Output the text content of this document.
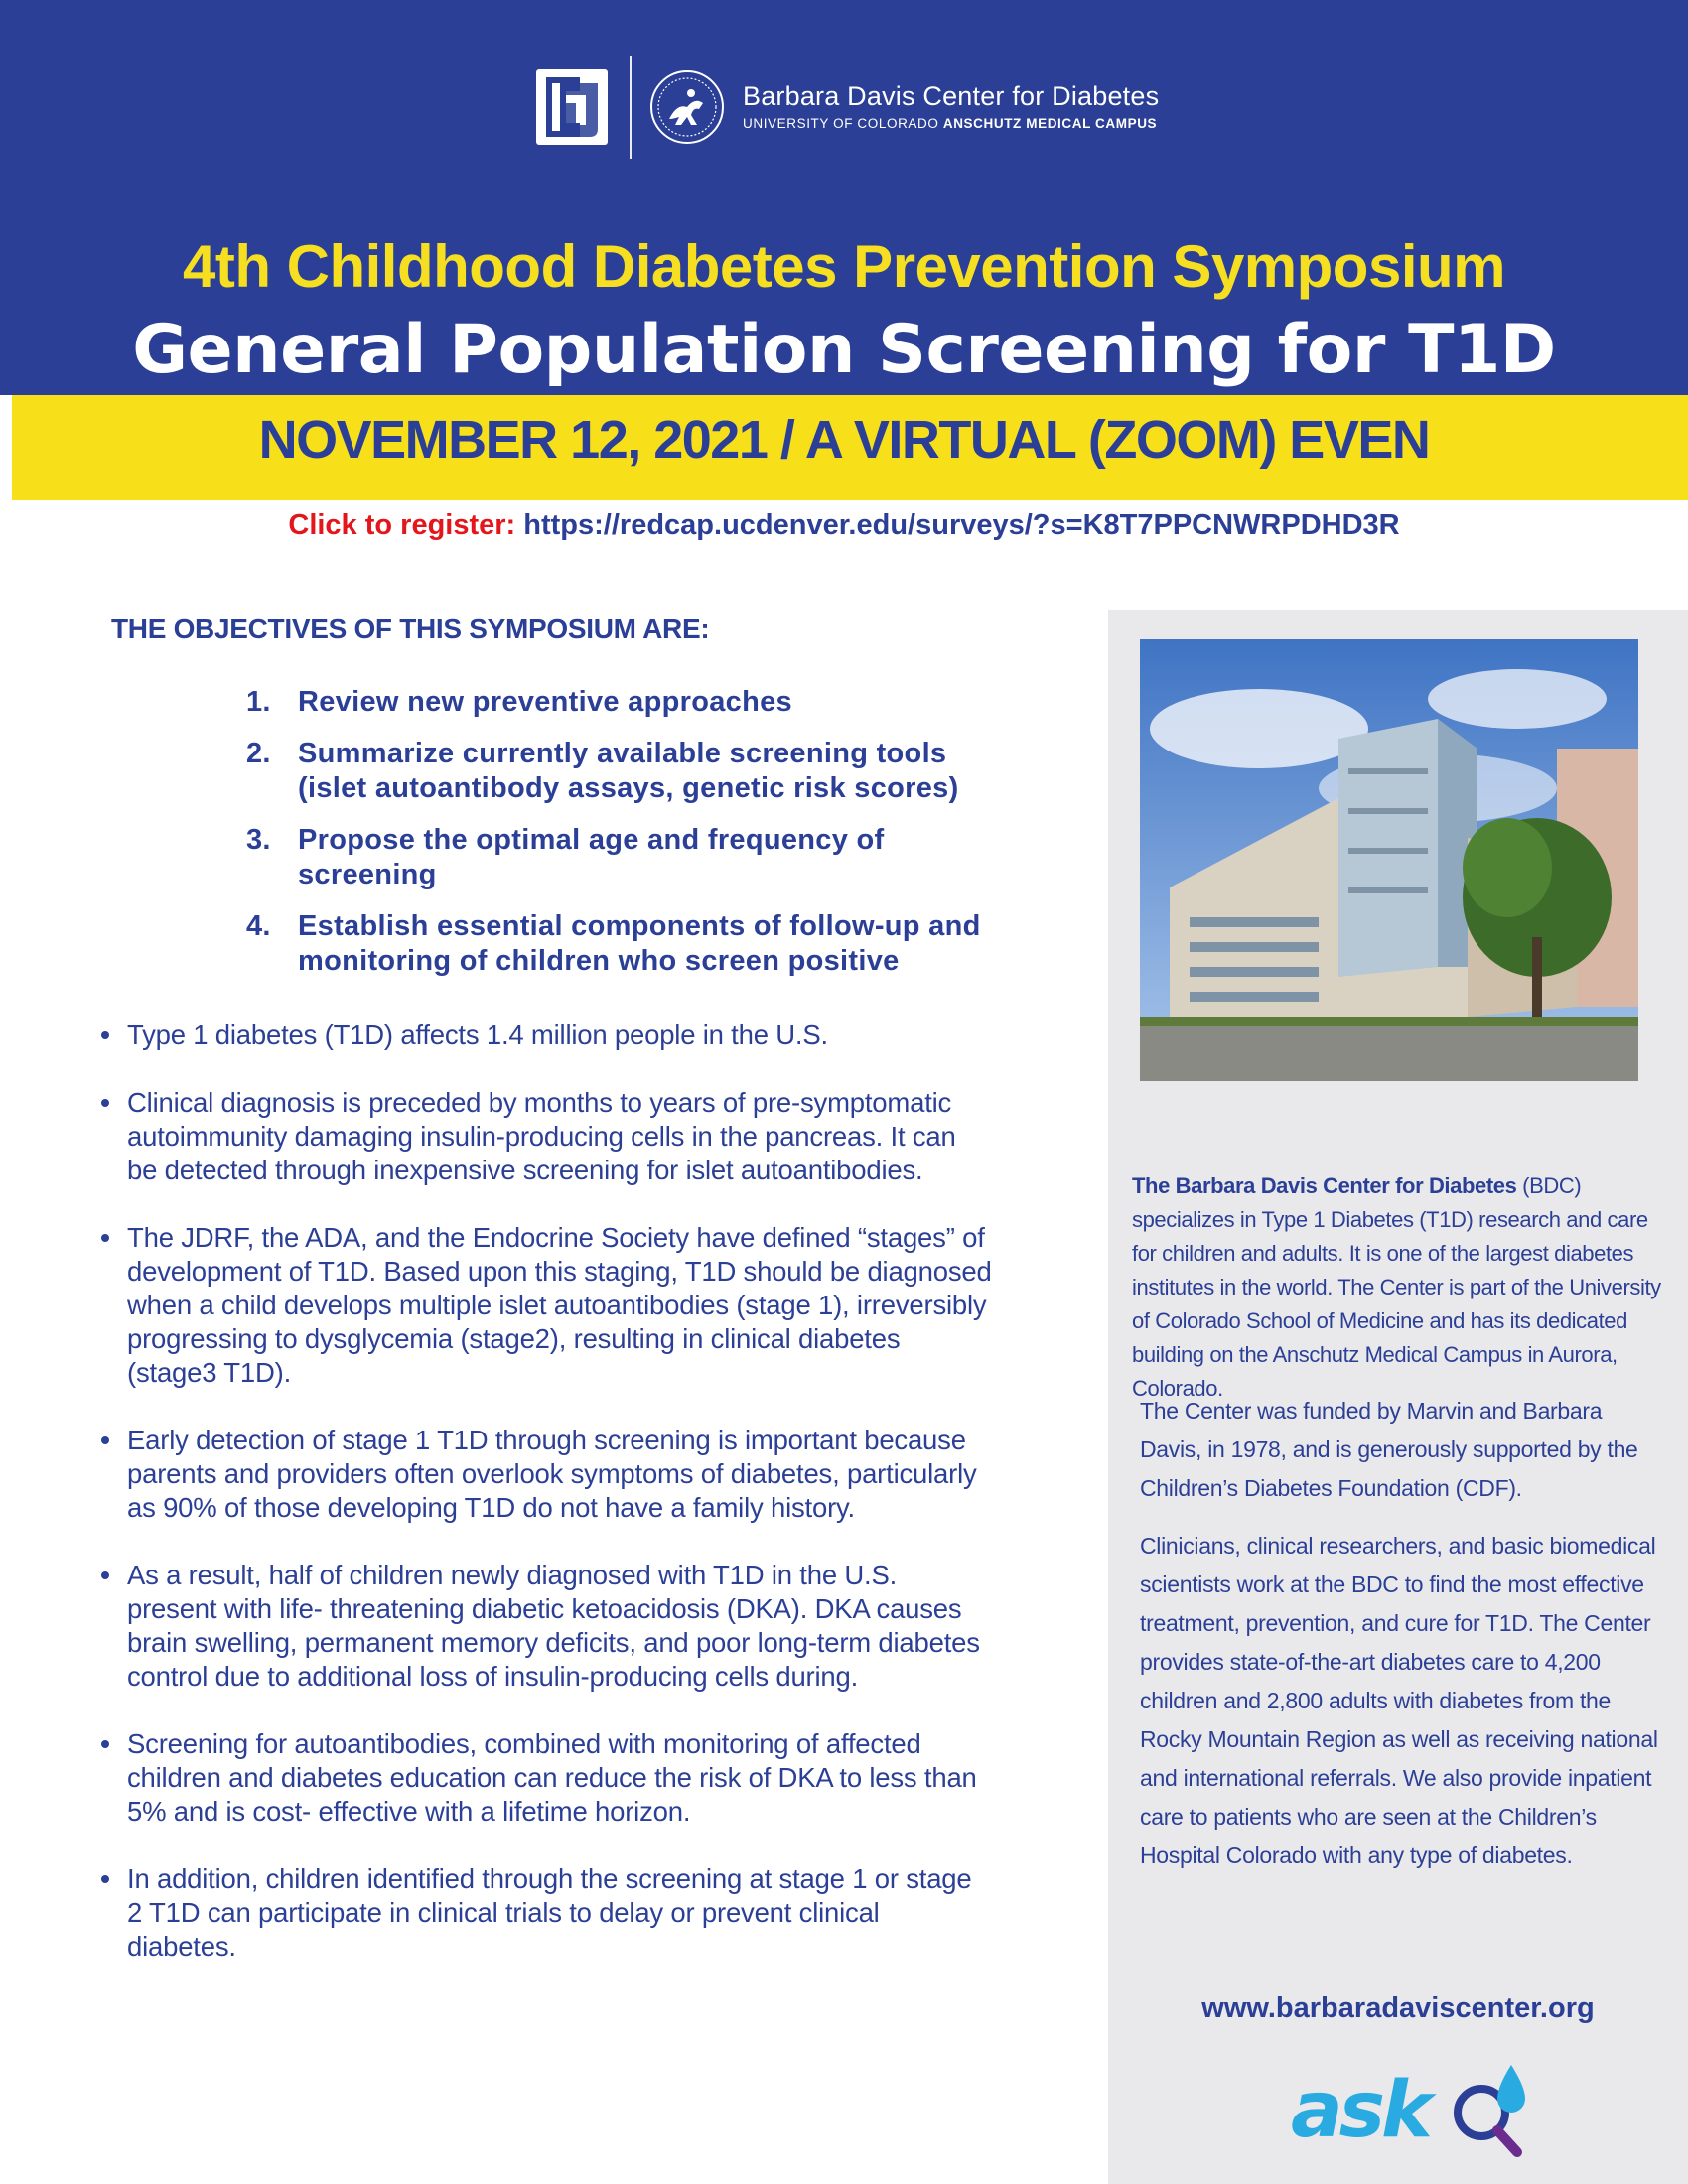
Barbara Davis Center for Diabetes
UNIVERSITY OF COLORADO ANSCHUTZ MEDICAL CAMPUS
4th Childhood Diabetes Prevention Symposium
General Population Screening for T1D
NOVEMBER 12, 2021 / A VIRTUAL (ZOOM) EVEN
Click to register: https://redcap.ucdenver.edu/surveys/?s=K8T7PPCNWRPDHD3R
THE OBJECTIVES OF THIS SYMPOSIUM ARE:
1. Review new preventive approaches
2. Summarize currently available screening tools (islet autoantibody assays, genetic risk scores)
3. Propose the optimal age and frequency of screening
4. Establish essential components of follow-up and monitoring of children who screen positive
Type 1 diabetes (T1D) affects 1.4 million people in the U.S.
Clinical diagnosis is preceded by months to years of pre-symptomatic autoimmunity damaging insulin-producing cells in the pancreas. It can be detected through inexpensive screening for islet autoantibodies.
The JDRF, the ADA, and the Endocrine Society have defined “stages” of development of T1D. Based upon this staging, T1D should be diagnosed when a child develops multiple islet autoantibodies (stage 1), irreversibly progressing to dysglycemia (stage2), resulting in clinical diabetes (stage3 T1D).
Early detection of stage 1 T1D through screening is important because parents and providers often overlook symptoms of diabetes, particularly as 90% of those developing T1D do not have a family history.
As a result, half of children newly diagnosed with T1D in the U.S. present with life- threatening diabetic ketoacidosis (DKA). DKA causes brain swelling, permanent memory deficits, and poor long-term diabetes control due to additional loss of insulin-producing cells during.
Screening for autoantibodies, combined with monitoring of affected children and diabetes education can reduce the risk of DKA to less than 5% and is cost- effective with a lifetime horizon.
In addition, children identified through the screening at stage 1 or stage 2 T1D can participate in clinical trials to delay or prevent clinical diabetes.
The Barbara Davis Center for Diabetes (BDC) specializes in Type 1 Diabetes (T1D) research and care for children and adults. It is one of the largest diabetes institutes in the world. The Center is part of the University of Colorado School of Medicine and has its dedicated building on the Anschutz Medical Campus in Aurora, Colorado.
The Center was funded by Marvin and Barbara Davis, in 1978, and is generously supported by the Children’s Diabetes Foundation (CDF).
Clinicians, clinical researchers, and basic biomedical scientists work at the BDC to find the most effective treatment, prevention, and cure for T1D. The Center provides state-of-the-art diabetes care to 4,200 children and 2,800 adults with diabetes from the Rocky Mountain Region as well as receiving national and international referrals. We also provide inpatient care to patients who are seen at the Children’s Hospital Colorado with any type of diabetes.
www.barbaradaviscenter.org
ask
